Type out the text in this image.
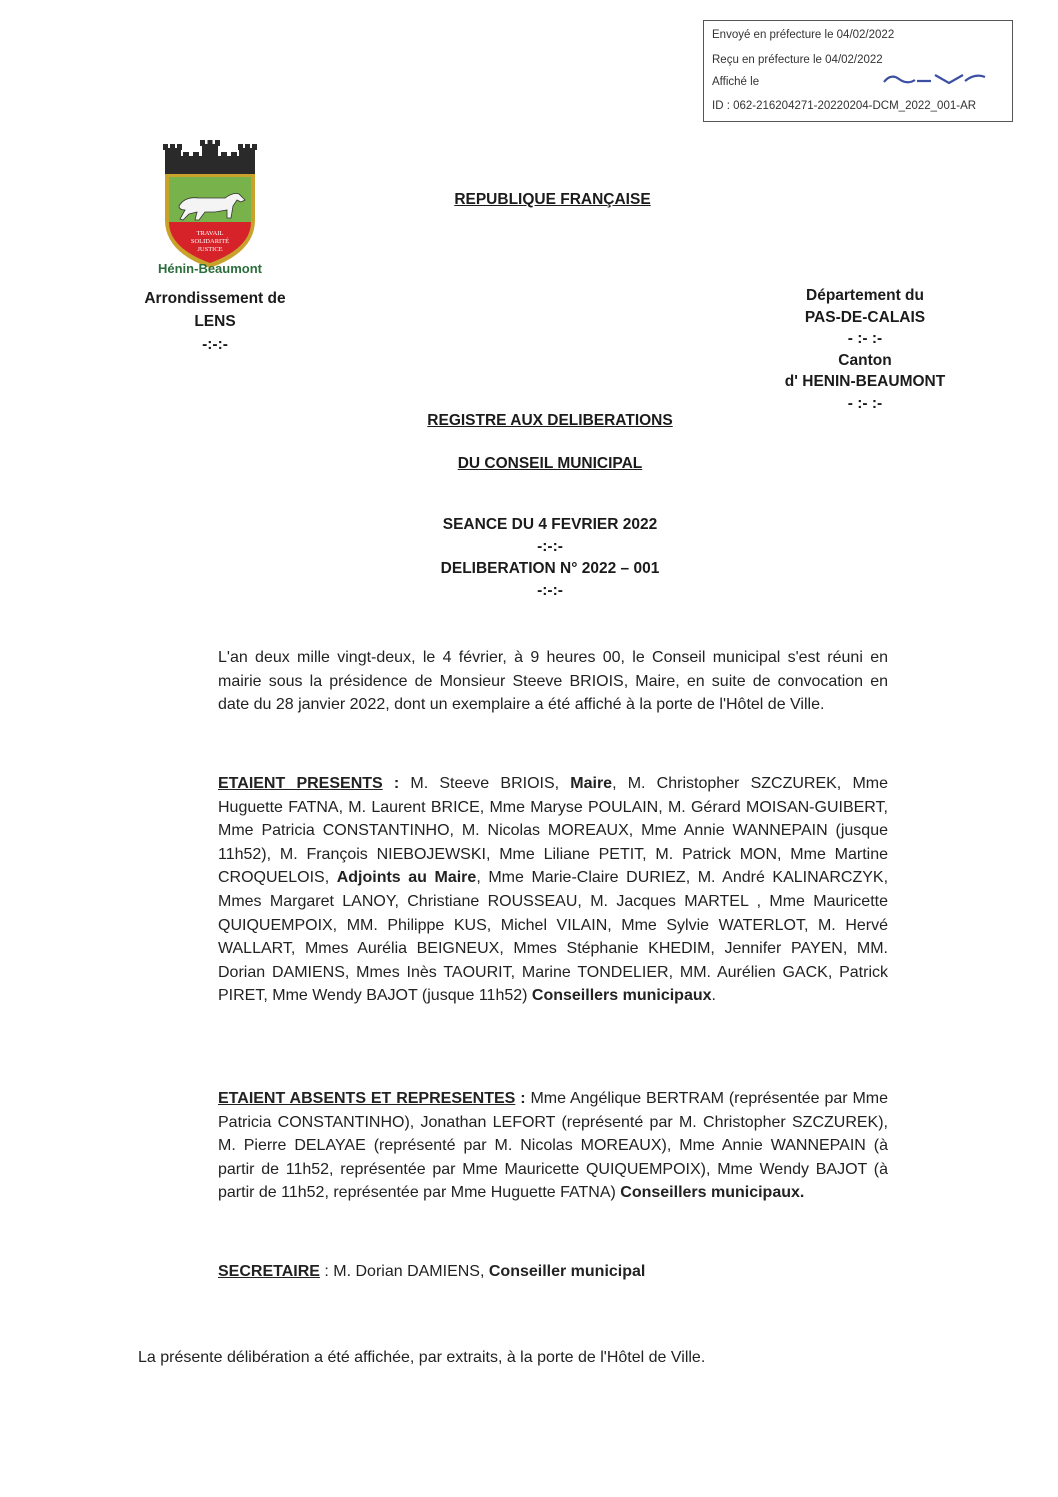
Envoyé en préfecture le 04/02/2022
Reçu en préfecture le 04/02/2022
Affiché le
ID : 062-216204271-20220204-DCM_2022_001-AR
TRAVAIL
SOLIDARITÉ
JUSTICE
Hénin-Beaumont
REPUBLIQUE FRANÇAISE
Arrondissement de
LENS
-:-:-
Département du
PAS-DE-CALAIS
- :- :-
Canton
d' HENIN-BEAUMONT
- :- :-
REGISTRE AUX DELIBERATIONS
DU CONSEIL MUNICIPAL
SEANCE DU 4 FEVRIER 2022
-:-:-
DELIBERATION N° 2022 – 001
-:-:-
L'an deux mille vingt-deux, le 4 février, à 9 heures 00, le Conseil municipal s'est réuni en mairie sous la présidence de Monsieur Steeve BRIOIS, Maire, en suite de convocation en date du 28 janvier 2022, dont un exemplaire a été affiché à la porte de l'Hôtel de Ville.
ETAIENT PRESENTS : M. Steeve BRIOIS, Maire, M. Christopher SZCZUREK, Mme Huguette FATNA, M. Laurent BRICE, Mme Maryse POULAIN, M. Gérard MOISAN-GUIBERT, Mme Patricia CONSTANTINHO, M. Nicolas MOREAUX, Mme Annie WANNEPAIN (jusque 11h52), M. François NIEBOJEWSKI, Mme Liliane PETIT, M. Patrick MON, Mme Martine CROQUELOIS, Adjoints au Maire, Mme Marie-Claire DURIEZ, M. André KALINARCZYK, Mmes Margaret LANOY, Christiane ROUSSEAU, M. Jacques MARTEL , Mme Mauricette QUIQUEMPOIX, MM. Philippe KUS, Michel VILAIN, Mme Sylvie WATERLOT, M. Hervé WALLART, Mmes Aurélia BEIGNEUX, Mmes Stéphanie KHEDIM, Jennifer PAYEN, MM. Dorian DAMIENS, Mmes Inès TAOURIT, Marine TONDELIER, MM. Aurélien GACK, Patrick PIRET, Mme Wendy BAJOT (jusque 11h52) Conseillers municipaux.
ETAIENT ABSENTS ET REPRESENTES : Mme Angélique BERTRAM (représentée par Mme Patricia CONSTANTINHO), Jonathan LEFORT (représenté par M. Christopher SZCZUREK), M. Pierre DELAYAE (représenté par M. Nicolas MOREAUX), Mme Annie WANNEPAIN (à partir de 11h52, représentée par Mme Mauricette QUIQUEMPOIX), Mme Wendy BAJOT (à partir de 11h52, représentée par Mme Huguette FATNA) Conseillers municipaux.
SECRETAIRE : M. Dorian DAMIENS, Conseiller municipal
La présente délibération a été affichée, par extraits, à la porte de l'Hôtel de Ville.
